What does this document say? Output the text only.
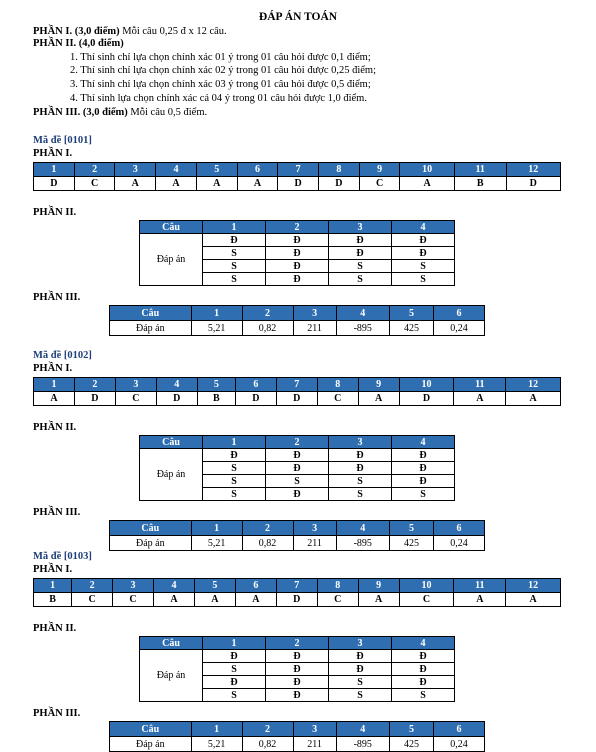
ĐÁP ÁN TOÁN
PHẦN I. (3,0 điểm) Mỗi câu 0,25 đ x 12 câu.
PHẦN II. (4,0 điểm)
1. Thí sinh chỉ lựa chọn chính xác 01 ý trong 01 câu hỏi được 0,1 điểm;
2. Thí sinh chỉ lựa chọn chính xác 02 ý trong 01 câu hỏi được 0,25 điểm;
3. Thí sinh chỉ lựa chọn chính xác 03 ý trong 01 câu hỏi được 0,5 điểm;
4. Thí sinh lựa chọn chính xác cả 04 ý trong 01 câu hỏi được 1,0 điểm.
PHẦN III. (3,0 điểm) Mỗi câu 0,5 điểm.
Mã đề [0101]
PHẦN I.
1	2	3	4	5	6	7	8	9	10	11	12
D	C	A	A	A	A	D	D	C	A	B	D
PHẦN II.
Câu	1	2	3	4
Đáp án	Đ	Đ	Đ	Đ
	S	Đ	Đ	Đ
	S	Đ	S	S
	S	Đ	S	S
PHẦN III.
Câu	1	2	3	4	5	6
Đáp án	5,21	0,82	211	-895	425	0,24
Mã đề [0102]
PHẦN I.
1	2	3	4	5	6	7	8	9	10	11	12
A	D	C	D	B	D	D	C	A	D	A	A
PHẦN II.
Câu	1	2	3	4
Đáp án	Đ	Đ	Đ	Đ
	S	Đ	Đ	Đ
	S	S	S	Đ
	S	Đ	S	S
PHẦN III.
Câu	1	2	3	4	5	6
Đáp án	5,21	0,82	211	-895	425	0,24
Mã đề [0103]
PHẦN I.
1	2	3	4	5	6	7	8	9	10	11	12
B	C	C	A	A	A	D	C	A	C	A	A
PHẦN II.
Câu	1	2	3	4
Đáp án	Đ	Đ	Đ	Đ
	S	Đ	Đ	Đ
	Đ	Đ	S	Đ
	S	Đ	S	S
PHẦN III.
Câu	1	2	3	4	5	6
Đáp án	5,21	0,82	211	-895	425	0,24
